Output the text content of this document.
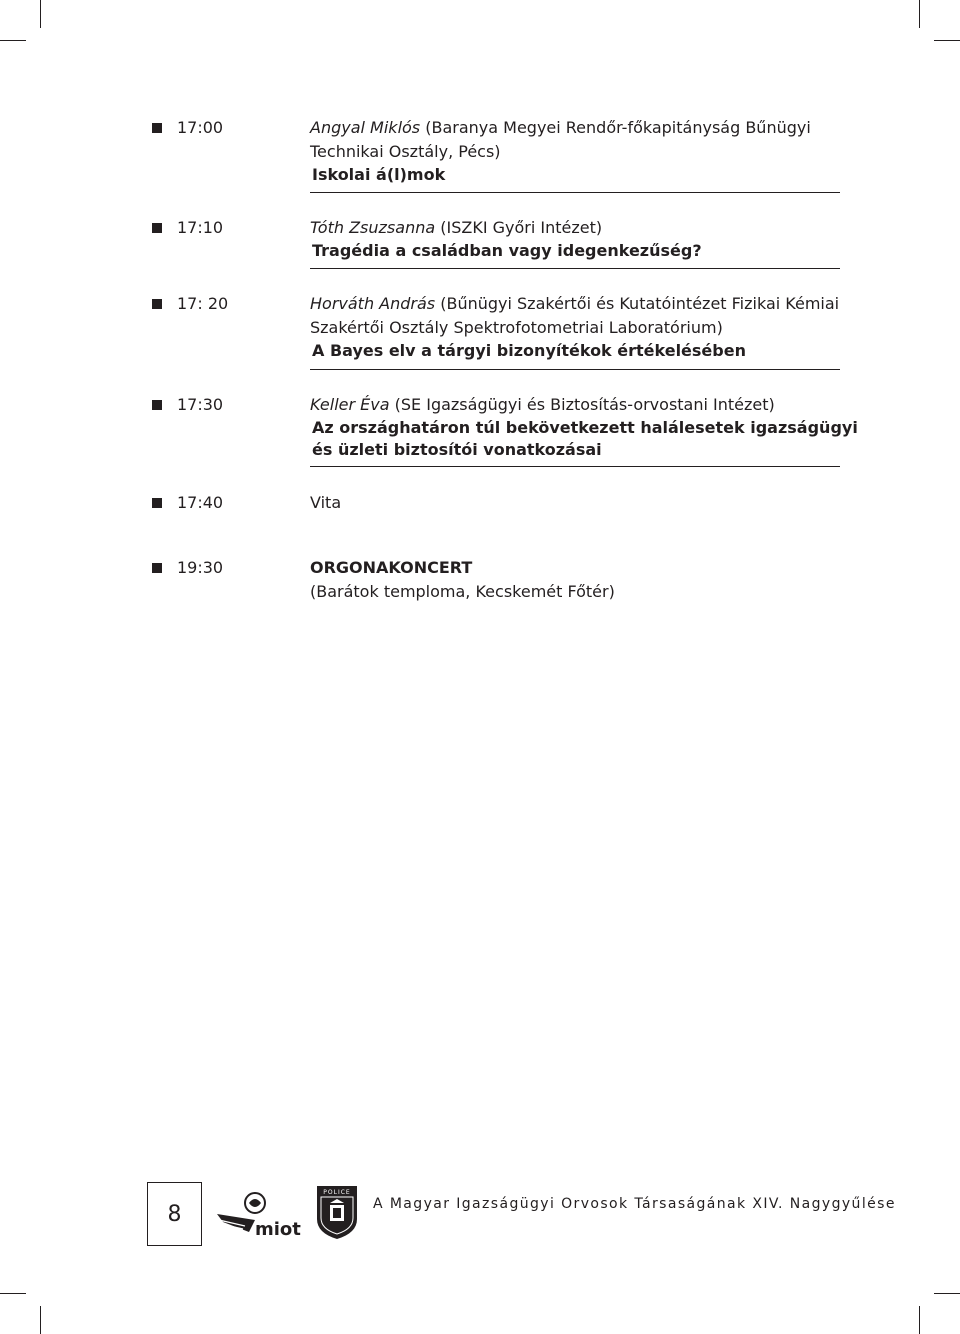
17:00	Angyal Miklós (Baranya Megyei Rendőr-főkapitányság Bűnügyi
Technikai Osztály, Pécs)
Iskolai á(l)mok
17:10	Tóth Zsuzsanna (ISZKI Győri Intézet)
Tragédia a családban vagy idegenkezűség?
17: 20	Horváth András (Bűnügyi Szakértői és Kutatóintézet Fizikai Kémiai
Szakértői Osztály Spektrofotometriai Laboratórium)
A Bayes elv a tárgyi bizonyítékok értékelésében
17:30	Keller Éva (SE Igazságügyi és Biztosítás-orvostani Intézet)
Az országhatáron túl bekövetkezett halálesetek igazságügyi
és üzleti biztosítói vonatkozásai
17:40	Vita
19:30	ORGONAKONCERT
(Barátok temploma, Kecskemét Főtér)
8
miot
POLICE
A Magyar Igazságügyi Orvosok Társaságának XIV. Nagygyűlése
